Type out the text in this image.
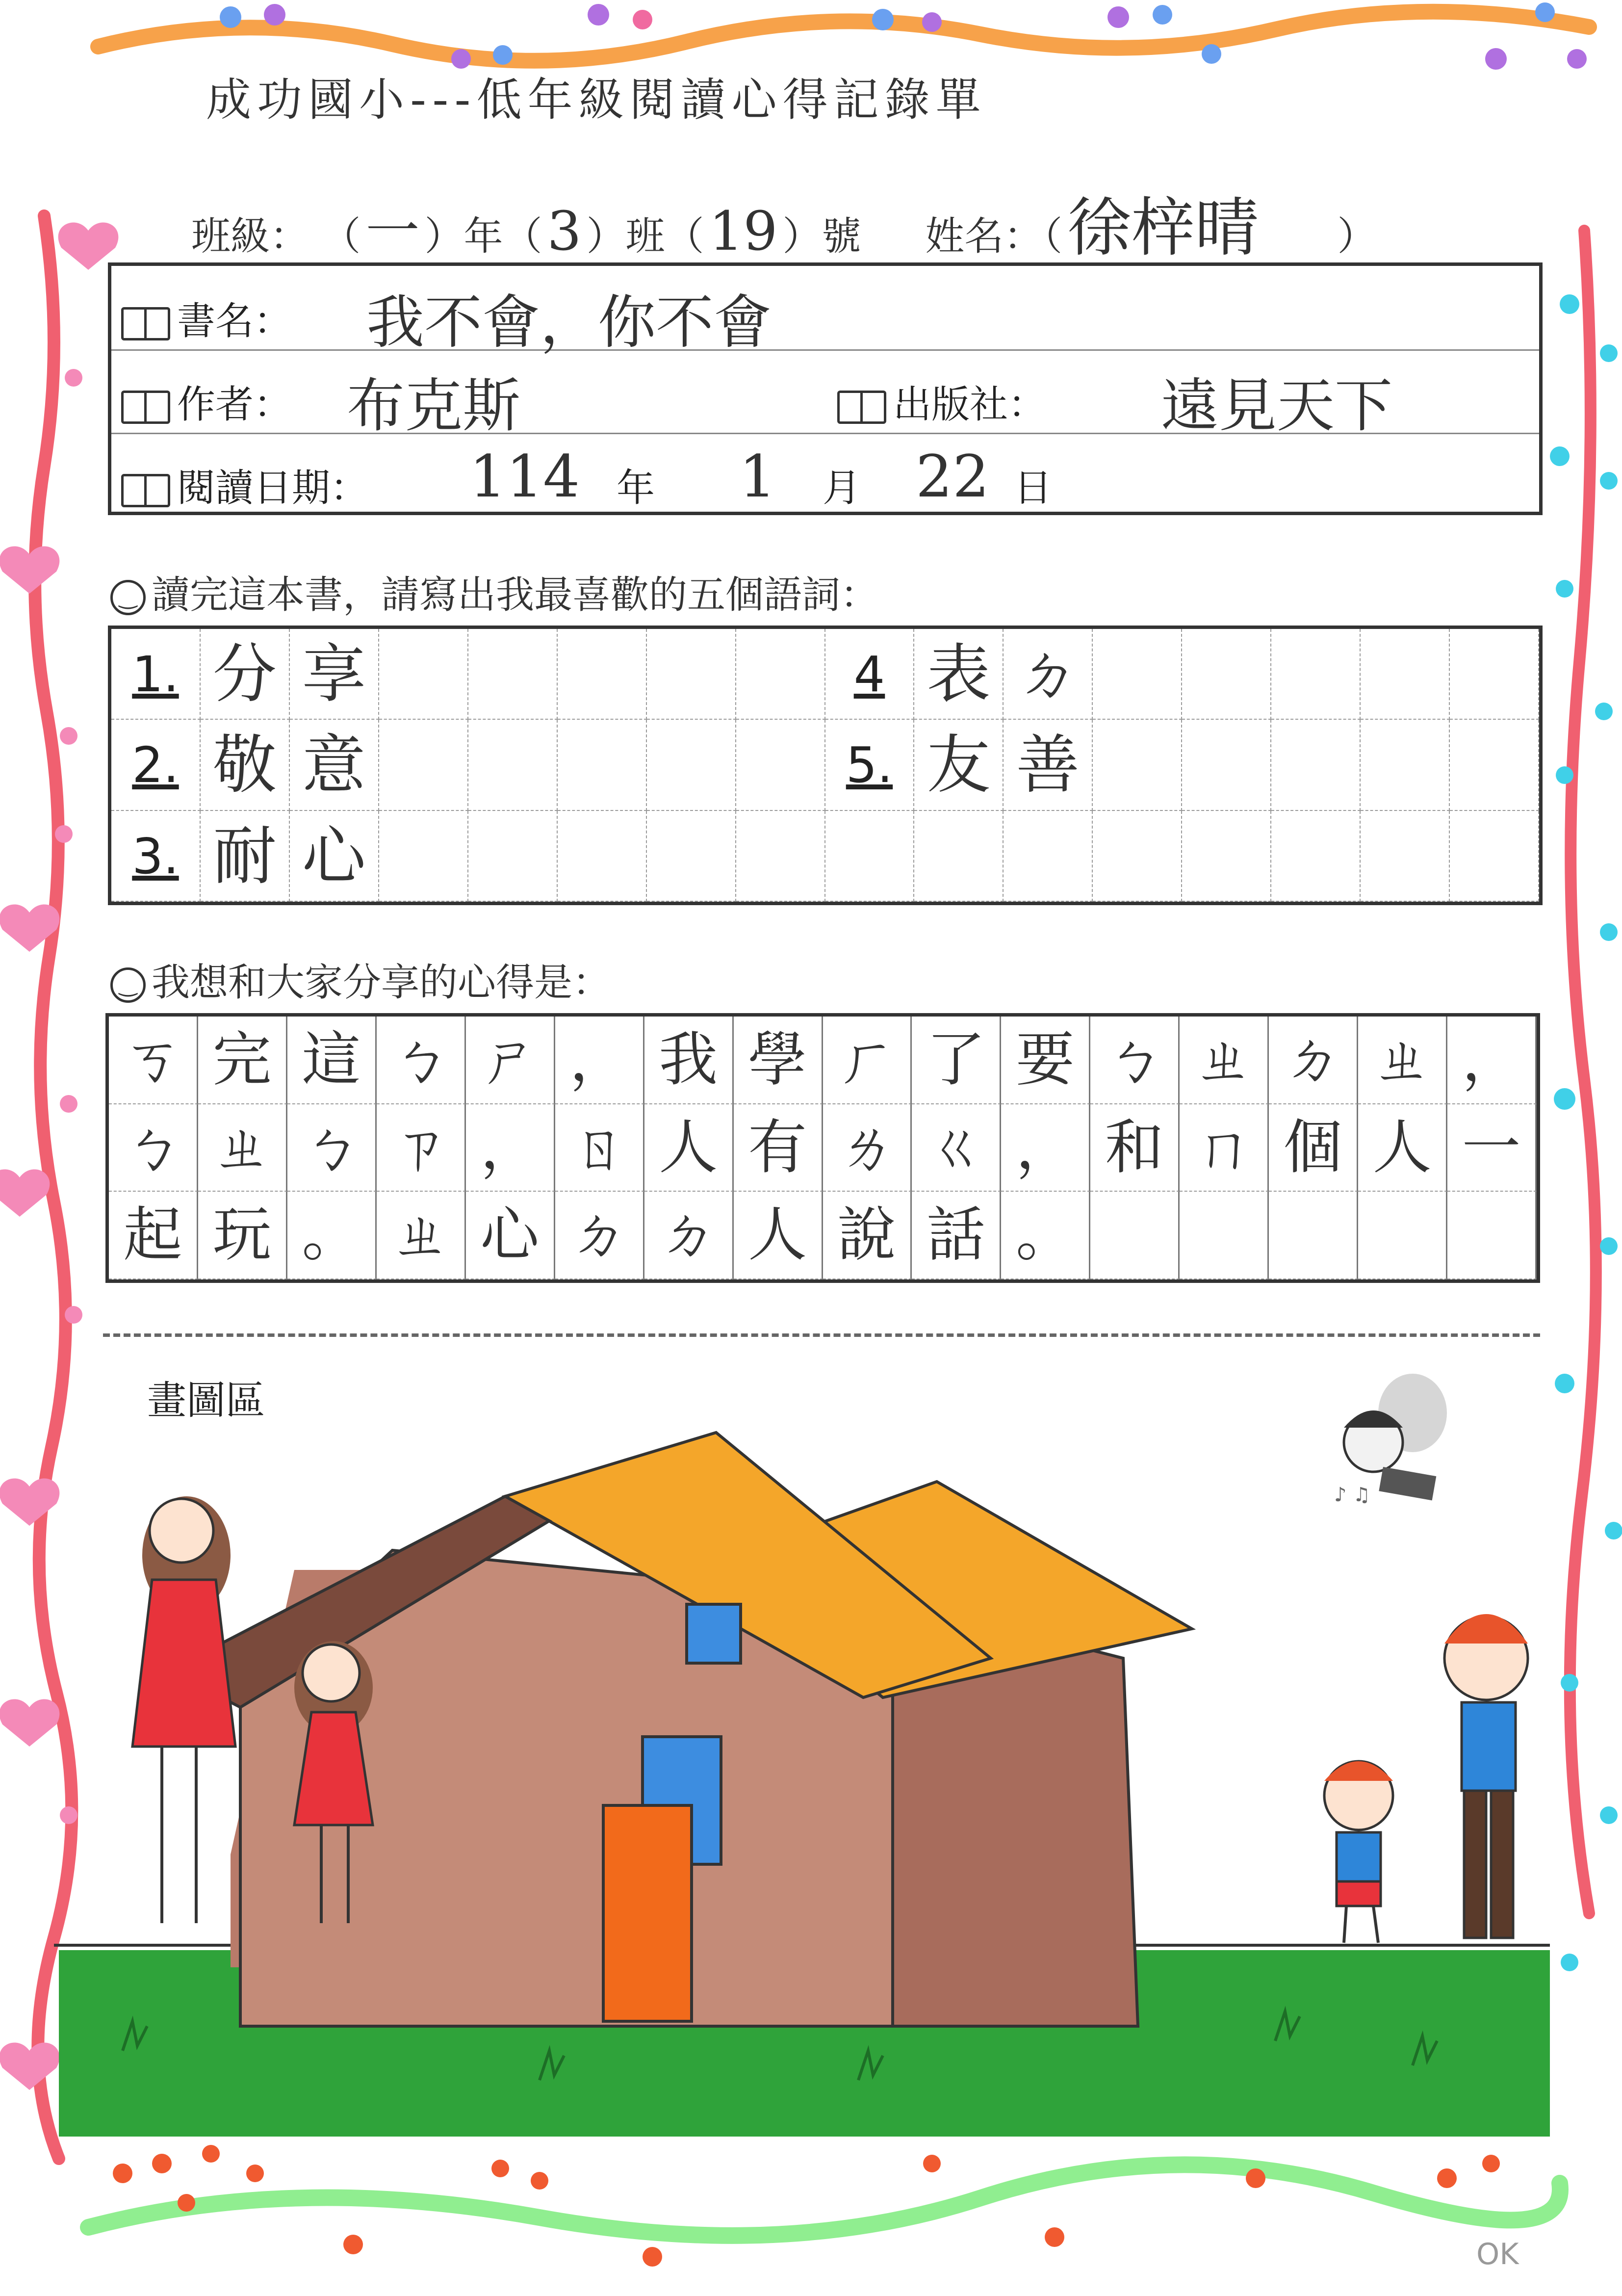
成功國小---低年級閱讀心得記錄單
班級： （一 ）年（3 ）班（19 ）號 姓名：（徐梓晴 ）
書名： 我不會，你不會
作者： 布克斯	出版社： 遠見天下
閱讀日期： 114 年 1 月 22 日
‿ 讀完這本書，請寫出我最喜歡的五個語詞：
1. 分 享	4 表 ㄉ
2. 敬 意	5. 友 善
3. 耐 心
‿ 我想和大家分享的心得是：
ㄎ 完 這 ㄅ ㄕ ， 我 學 ㄏ 了 要 ㄅ ㄓ ㄉ ㄓ ，
ㄅ ㄓ ㄅ ㄗ ， ㄖ 人 有 ㄌ ㄍ ， 和 ㄇ 個 人 一
起 玩 。 ㄓ 心 ㄉ ㄉ 人 說 話 。
畫圖區
♪ ♫
OK
